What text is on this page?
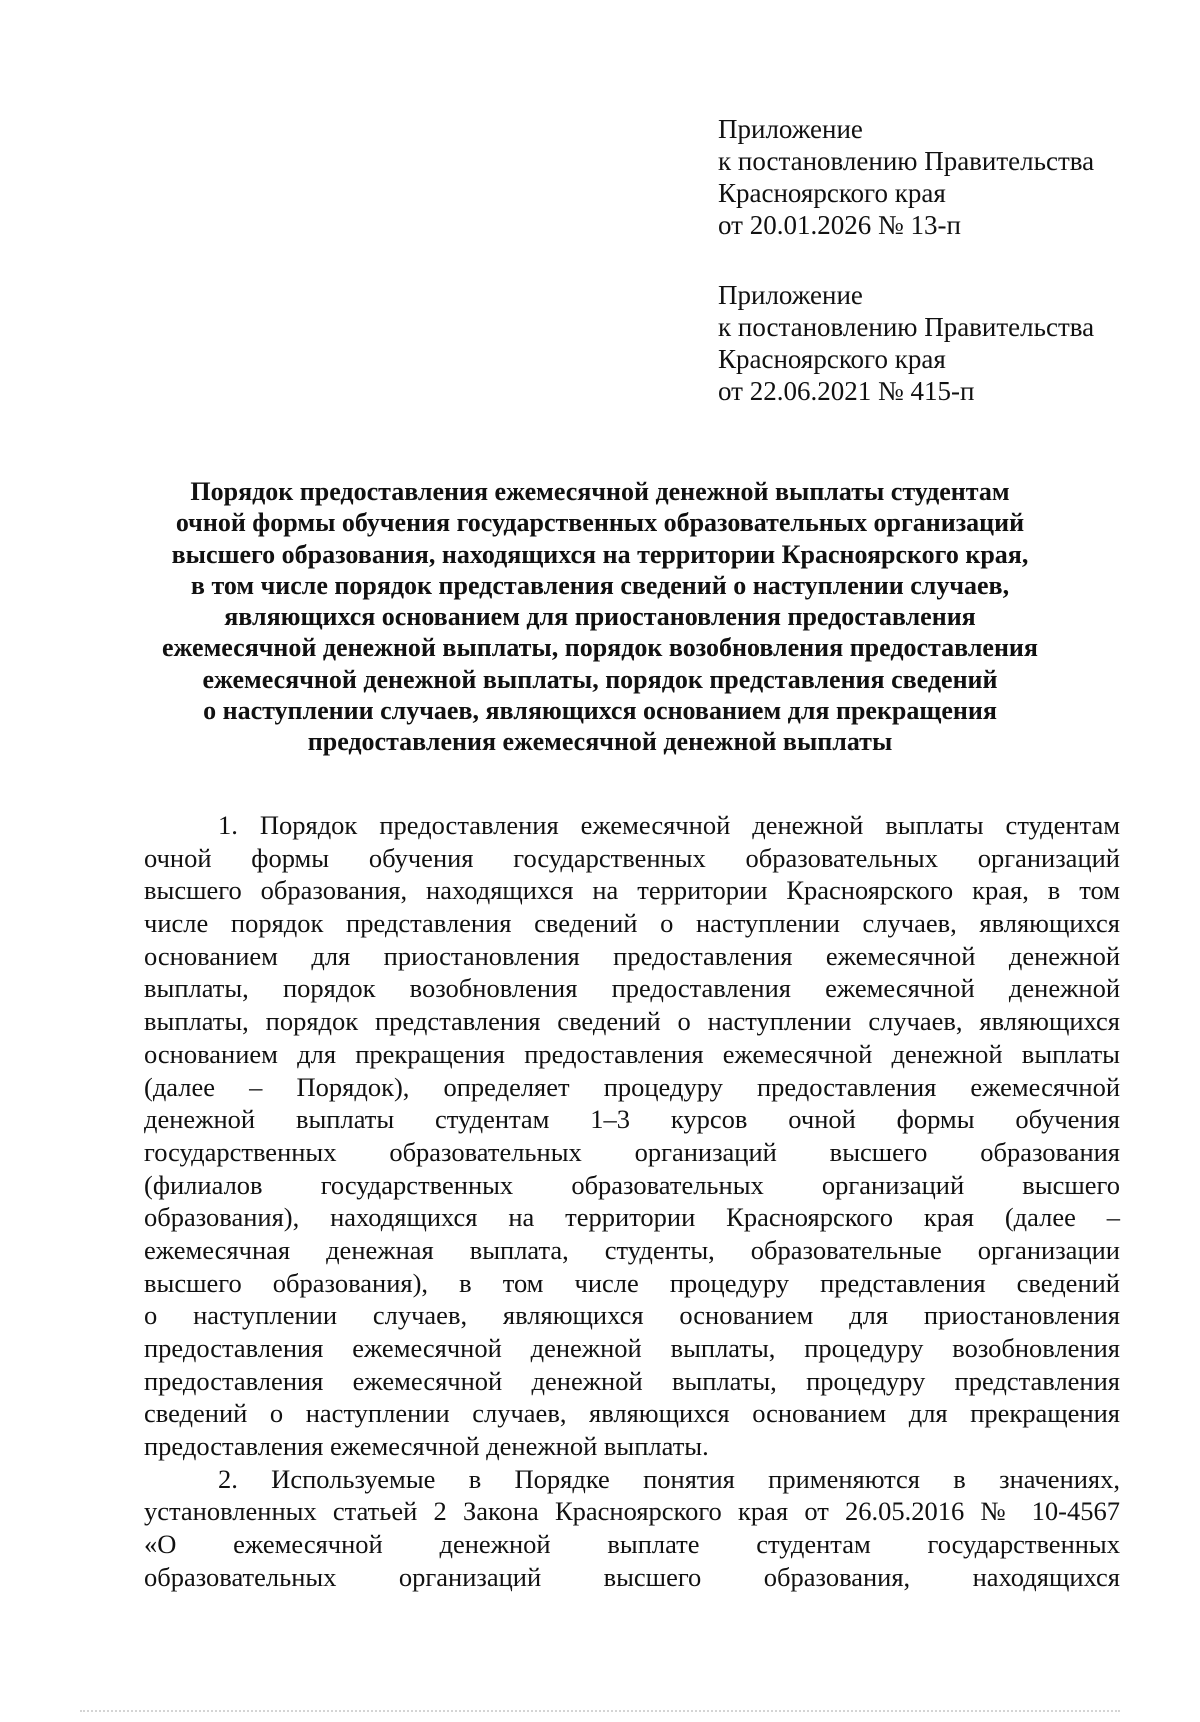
Приложение
к постановлению Правительства
Красноярского края
от 20.01.2026 № 13-п
Приложение
к постановлению Правительства
Красноярского края
от 22.06.2021 № 415-п
Порядок предоставления ежемесячной денежной выплаты студентам
очной формы обучения государственных образовательных организаций
высшего образования, находящихся на территории Красноярского края,
в том числе порядок представления сведений о наступлении случаев,
являющихся основанием для приостановления предоставления
ежемесячной денежной выплаты, порядок возобновления предоставления
ежемесячной денежной выплаты, порядок представления сведений
о наступлении случаев, являющихся основанием для прекращения
предоставления ежемесячной денежной выплаты
1. Порядок предоставления ежемесячной денежной выплаты студентам
очной формы обучения государственных образовательных организаций
высшего образования, находящихся на территории Красноярского края, в том
числе порядок представления сведений о наступлении случаев, являющихся
основанием для приостановления предоставления ежемесячной денежной
выплаты, порядок возобновления предоставления ежемесячной денежной
выплаты, порядок представления сведений о наступлении случаев, являющихся
основанием для прекращения предоставления ежемесячной денежной выплаты
(далее – Порядок), определяет процедуру предоставления ежемесячной
денежной выплаты студентам 1–3 курсов очной формы обучения
государственных образовательных организаций высшего образования
(филиалов государственных образовательных организаций высшего
образования), находящихся на территории Красноярского края (далее –
ежемесячная денежная выплата, студенты, образовательные организации
высшего образования), в том числе процедуру представления сведений
о наступлении случаев, являющихся основанием для приостановления
предоставления ежемесячной денежной выплаты, процедуру возобновления
предоставления ежемесячной денежной выплаты, процедуру представления
сведений о наступлении случаев, являющихся основанием для прекращения
предоставления ежемесячной денежной выплаты.
2. Используемые в Порядке понятия применяются в значениях,
установленных статьей 2 Закона Красноярского края от 26.05.2016 № 10-4567
«О ежемесячной денежной выплате студентам государственных
образовательных организаций высшего образования, находящихся
